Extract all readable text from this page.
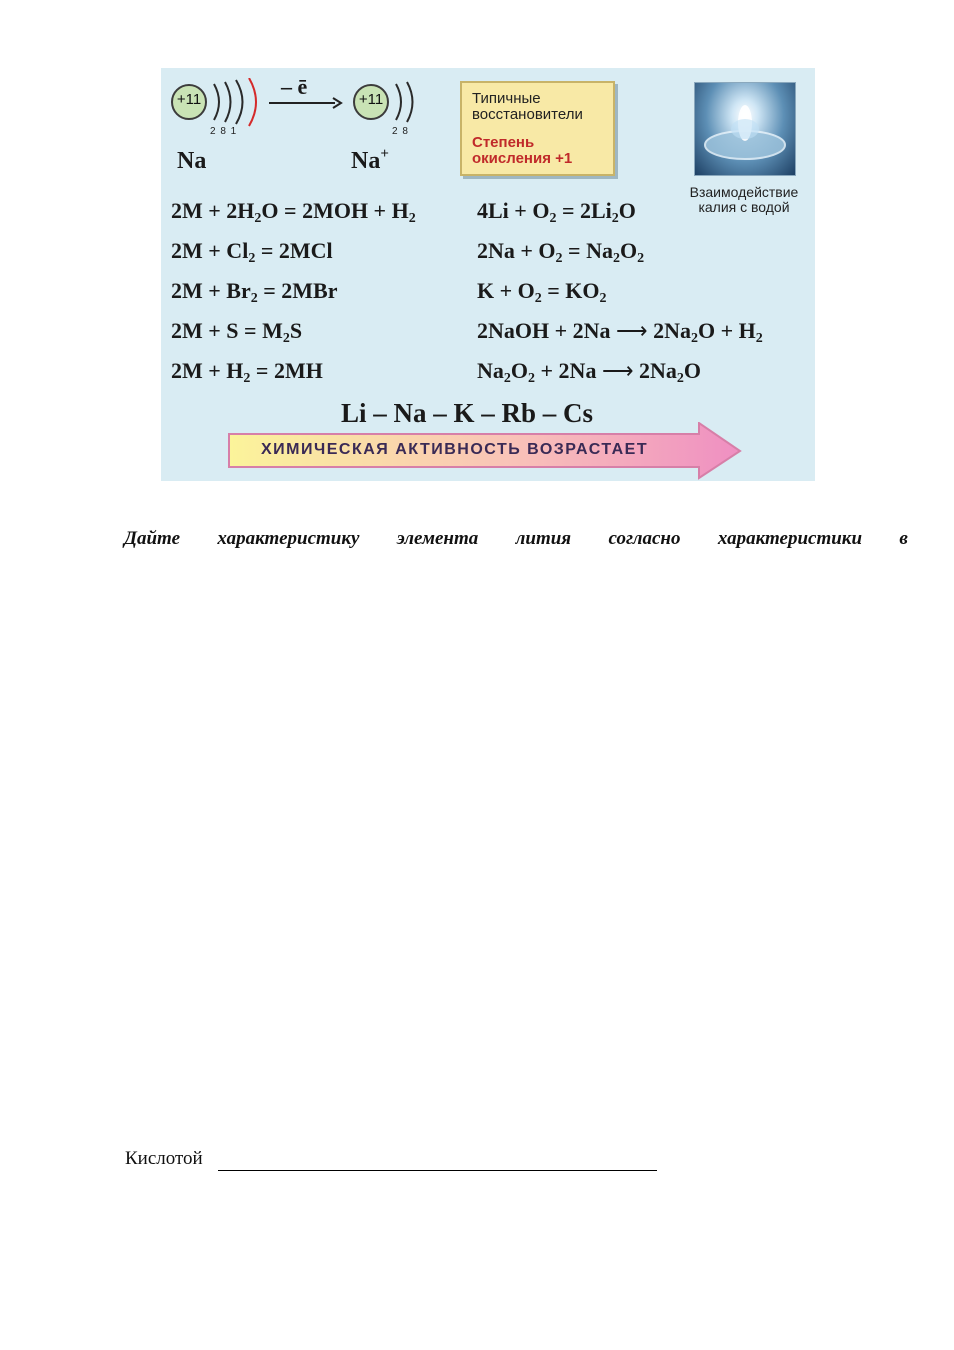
+11
2 8 1
Na
– ē
+11
2 8
Na+
Типичные
восстановители
Степень
окисления +1
Взаимодействие
калия с водой
$2M + 2H_2O = 2MOH + H_2$
$2M + Cl_2 = 2MCl$
$2M + Br_2 = 2MBr$
$2M + S = M_2S$
$2M + H_2 = 2MH$
$4Li + O_2 = 2Li_2O$
$2Na + O_2 = Na_2O_2$
$K + O_2 = KO_2$
2NaOH + 2Na ⟶ $2Na_2O + H_2$
$Na_2O_2 + 2Na$ ⟶ $2Na_2O$
Li – Na – K – Rb – Cs
ХИМИЧЕСКАЯ АКТИВНОСТЬ ВОЗРАСТАЕТ
Дайте характеристику элемента лития согласно характеристики в
Кислотой
